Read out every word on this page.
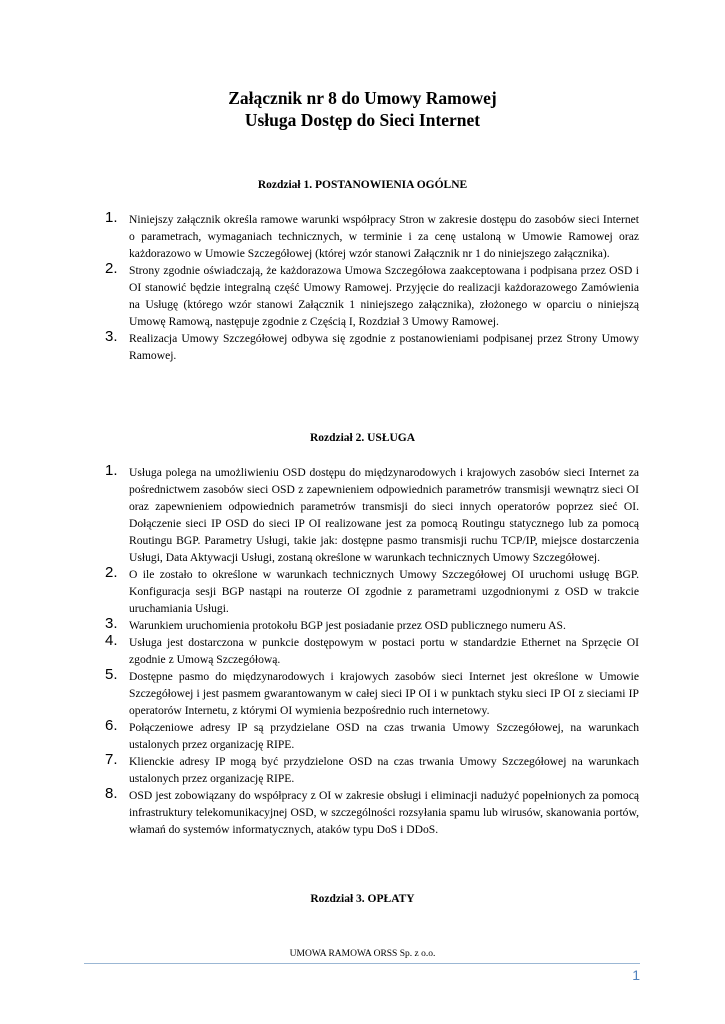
Załącznik nr 8 do Umowy Ramowej
Usługa Dostęp do Sieci Internet
Rozdział 1. POSTANOWIENIA OGÓLNE
1. Niniejszy załącznik określa ramowe warunki współpracy Stron w zakresie dostępu do zasobów sieci Internet o parametrach, wymaganiach technicznych, w terminie i za cenę ustaloną w Umowie Ramowej oraz każdorazowo w Umowie Szczegółowej (której wzór stanowi Załącznik nr 1 do niniejszego załącznika).
2. Strony zgodnie oświadczają, że każdorazowa Umowa Szczegółowa zaakceptowana i podpisana przez OSD i OI stanowić będzie integralną część Umowy Ramowej. Przyjęcie do realizacji każdorazowego Zamówienia na Usługę (którego wzór stanowi Załącznik 1 niniejszego załącznika), złożonego w oparciu o niniejszą Umowę Ramową, następuje zgodnie z Częścią I, Rozdział 3 Umowy Ramowej.
3. Realizacja Umowy Szczegółowej odbywa się zgodnie z postanowieniami podpisanej przez Strony Umowy Ramowej.
Rozdział 2. USŁUGA
1. Usługa polega na umożliwieniu OSD dostępu do międzynarodowych i krajowych zasobów sieci Internet za pośrednictwem zasobów sieci OSD z zapewnieniem odpowiednich parametrów transmisji wewnątrz sieci OI oraz zapewnieniem odpowiednich parametrów transmisji do sieci innych operatorów poprzez sieć OI. Dołączenie sieci IP OSD do sieci IP OI realizowane jest za pomocą Routingu statycznego lub za pomocą Routingu BGP. Parametry Usługi, takie jak: dostępne pasmo transmisji ruchu TCP/IP, miejsce dostarczenia Usługi, Data Aktywacji Usługi, zostaną określone w warunkach technicznych Umowy Szczegółowej.
2. O ile zostało to określone w warunkach technicznych Umowy Szczegółowej OI uruchomi usługę BGP. Konfiguracja sesji BGP nastąpi na routerze OI zgodnie z parametrami uzgodnionymi z OSD w trakcie uruchamiania Usługi.
3. Warunkiem uruchomienia protokołu BGP jest posiadanie przez OSD publicznego numeru AS.
4. Usługa jest dostarczona w punkcie dostępowym w postaci portu w standardzie Ethernet na Sprzęcie OI zgodnie z Umową Szczegółową.
5. Dostępne pasmo do międzynarodowych i krajowych zasobów sieci Internet jest określone w Umowie Szczegółowej i jest pasmem gwarantowanym w całej sieci IP OI i w punktach styku sieci IP OI z sieciami IP operatorów Internetu, z którymi OI wymienia bezpośrednio ruch internetowy.
6. Połączeniowe adresy IP są przydzielane OSD na czas trwania Umowy Szczegółowej, na warunkach ustalonych przez organizację RIPE.
7. Klienckie adresy IP mogą być przydzielone OSD na czas trwania Umowy Szczegółowej na warunkach ustalonych przez organizację RIPE.
8. OSD jest zobowiązany do współpracy z OI w zakresie obsługi i eliminacji nadużyć popełnionych za pomocą infrastruktury telekomunikacyjnej OSD, w szczególności rozsyłania spamu lub wirusów, skanowania portów, włamań do systemów informatycznych, ataków typu DoS i DDoS.
Rozdział 3. OPŁATY
UMOWA RAMOWA ORSS Sp. z o.o.
1
